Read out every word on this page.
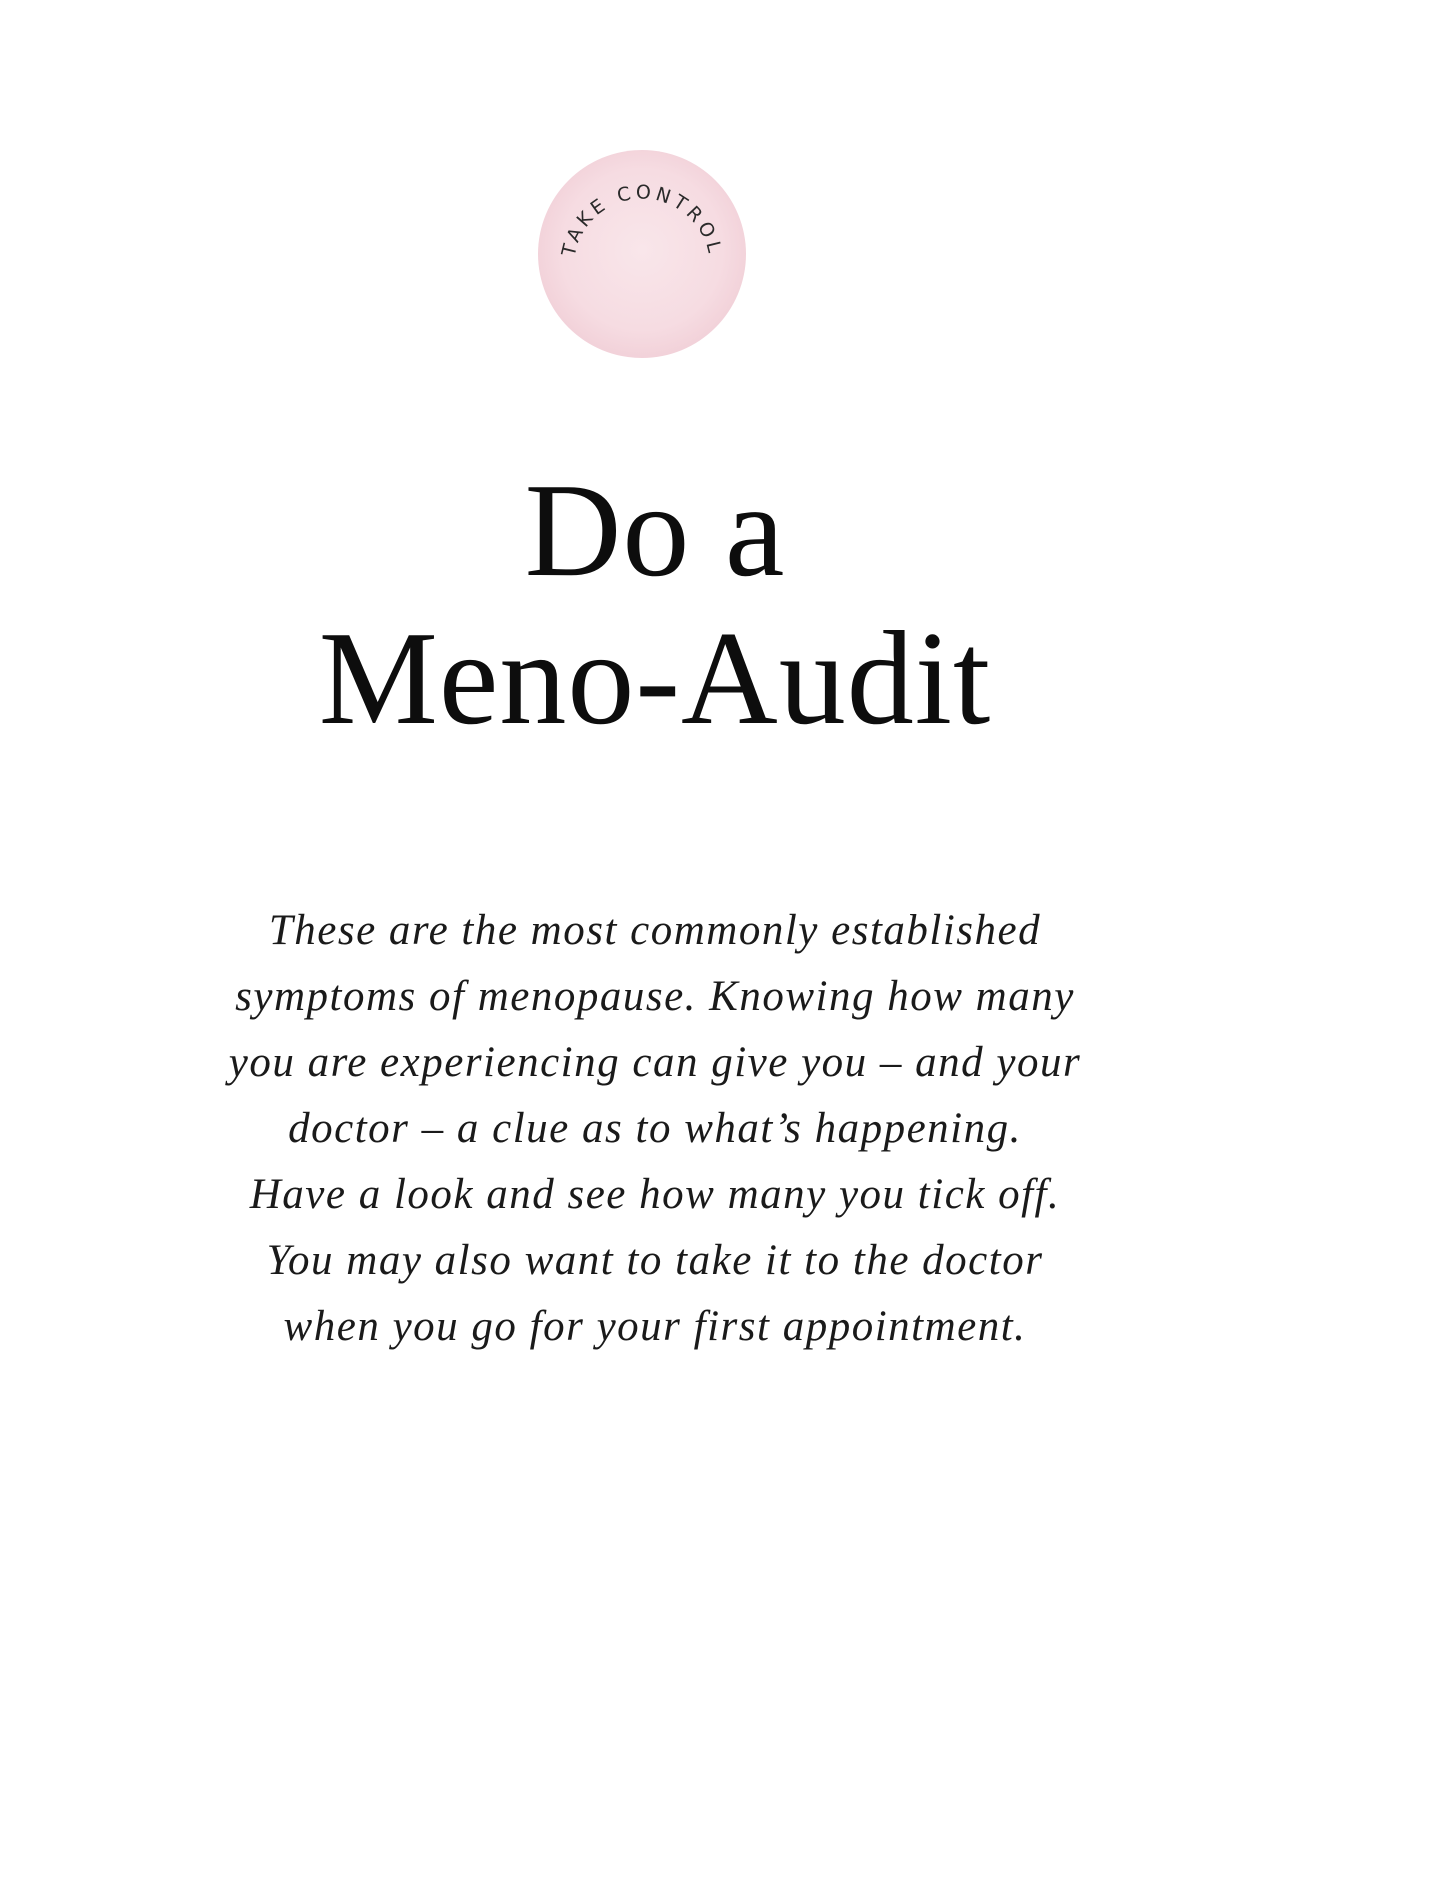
TAKE CONTROL
Do a
Meno-Audit

These are the most commonly established
symptoms of menopause. Knowing how many
you are experiencing can give you – and your
doctor – a clue as to what’s happening.
Have a look and see how many you tick off.
You may also want to take it to the doctor
when you go for your first appointment.
